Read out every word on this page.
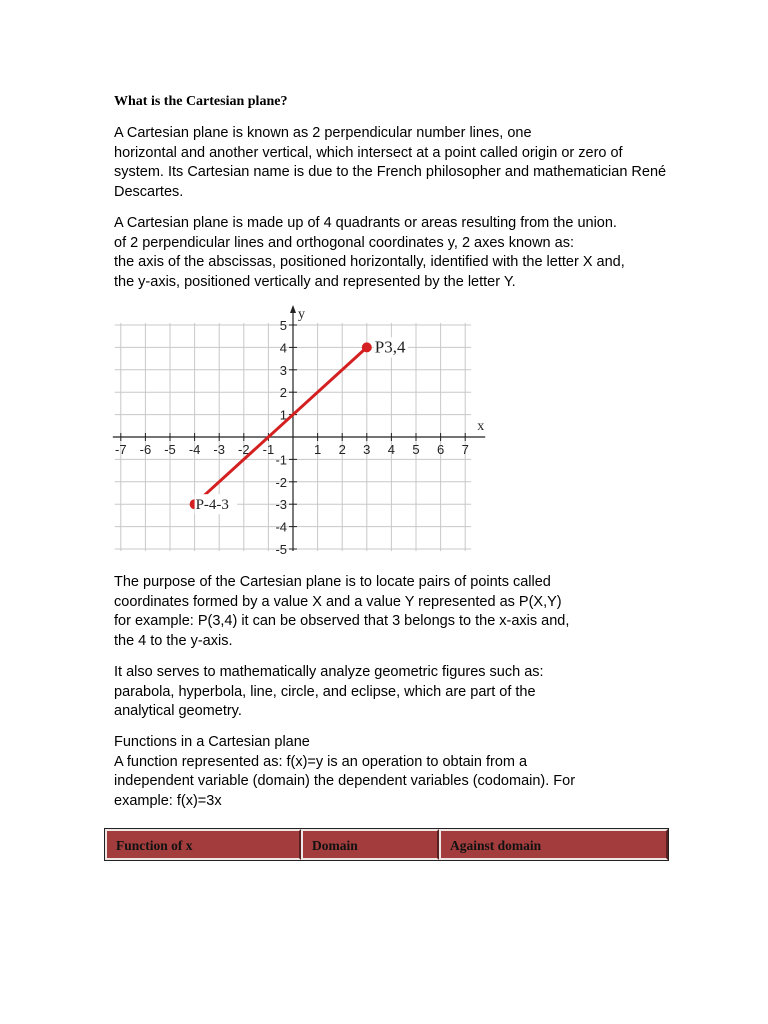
What is the Cartesian plane?
A Cartesian plane is known as 2 perpendicular number lines, one
horizontal and another vertical, which intersect at a point called origin or zero of
system. Its Cartesian name is due to the French philosopher and mathematician René
Descartes.
A Cartesian plane is made up of 4 quadrants or areas resulting from the union.
of 2 perpendicular lines and orthogonal coordinates y, 2 axes known as:
the axis of the abscissas, positioned horizontally, identified with the letter X and,
the y-axis, positioned vertically and represented by the letter Y.
-7 -6 -5 -4 -3 -2 -1	1 2 3 4 5 6 7
5
4
3
2
1
-1
-2
-3
-4
-5
x
y
P-4-3
P3,4
The purpose of the Cartesian plane is to locate pairs of points called
coordinates formed by a value X and a value Y represented as P(X,Y)
for example: P(3,4) it can be observed that 3 belongs to the x-axis and,
the 4 to the y-axis.
It also serves to mathematically analyze geometric figures such as:
parabola, hyperbola, line, circle, and eclipse, which are part of the
analytical geometry.
Functions in a Cartesian plane
A function represented as: f(x)=y is an operation to obtain from a
independent variable (domain) the dependent variables (codomain). For
example: f(x)=3x
Function of x	Domain	Against domain
